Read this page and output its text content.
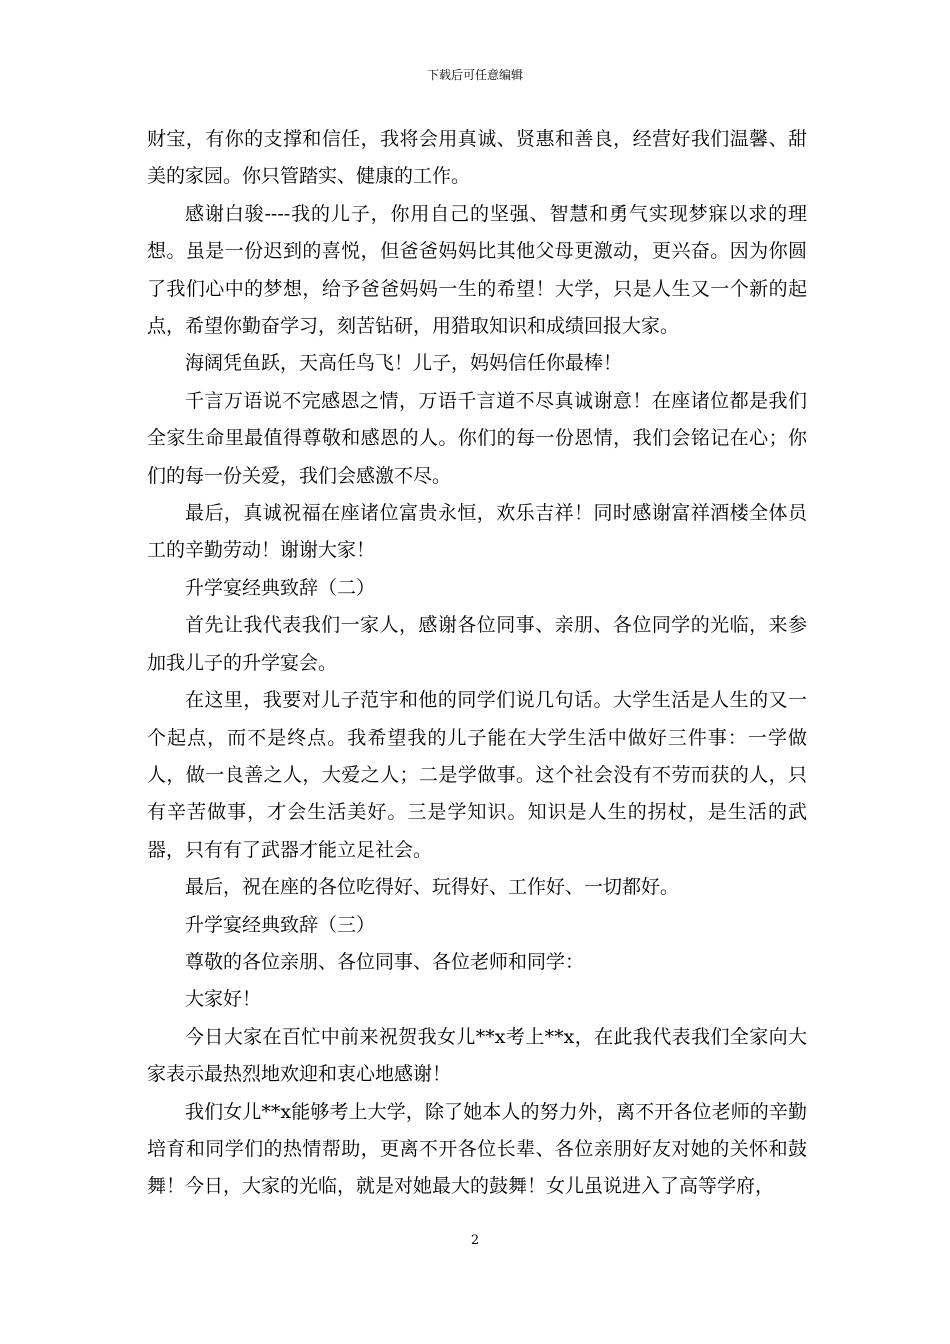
下载后可任意编辑

财宝，有你的支撑和信任，我将会用真诚、贤惠和善良，经营好我们温馨、甜美的家园。你只管踏实、健康的工作。

感谢白骏----我的儿子，你用自己的坚强、智慧和勇气实现梦寐以求的理想。虽是一份迟到的喜悦，但爸爸妈妈比其他父母更激动，更兴奋。因为你圆了我们心中的梦想，给予爸爸妈妈一生的希望！大学，只是人生又一个新的起点，希望你勤奋学习，刻苦钻研，用猎取知识和成绩回报大家。

海阔凭鱼跃，天高任鸟飞！儿子，妈妈信任你最棒！

千言万语说不完感恩之情，万语千言道不尽真诚谢意！在座诸位都是我们全家生命里最值得尊敬和感恩的人。你们的每一份恩情，我们会铭记在心；你们的每一份关爱，我们会感激不尽。

最后，真诚祝福在座诸位富贵永恒，欢乐吉祥！同时感谢富祥酒楼全体员工的辛勤劳动！谢谢大家！

升学宴经典致辞（二）

首先让我代表我们一家人，感谢各位同事、亲朋、各位同学的光临，来参加我儿子的升学宴会。

在这里，我要对儿子范宇和他的同学们说几句话。大学生活是人生的又一个起点，而不是终点。我希望我的儿子能在大学生活中做好三件事：一学做人，做一良善之人，大爱之人；二是学做事。这个社会没有不劳而获的人，只有辛苦做事，才会生活美好。三是学知识。知识是人生的拐杖，是生活的武器，只有有了武器才能立足社会。

最后，祝在座的各位吃得好、玩得好、工作好、一切都好。

升学宴经典致辞（三）

尊敬的各位亲朋、各位同事、各位老师和同学：

大家好！

今日大家在百忙中前来祝贺我女儿**x考上**x，在此我代表我们全家向大家表示最热烈地欢迎和衷心地感谢！

我们女儿**x能够考上大学，除了她本人的努力外，离不开各位老师的辛勤培育和同学们的热情帮助，更离不开各位长辈、各位亲朋好友对她的关怀和鼓舞！今日，大家的光临，就是对她最大的鼓舞！女儿虽说进入了高等学府，

2
